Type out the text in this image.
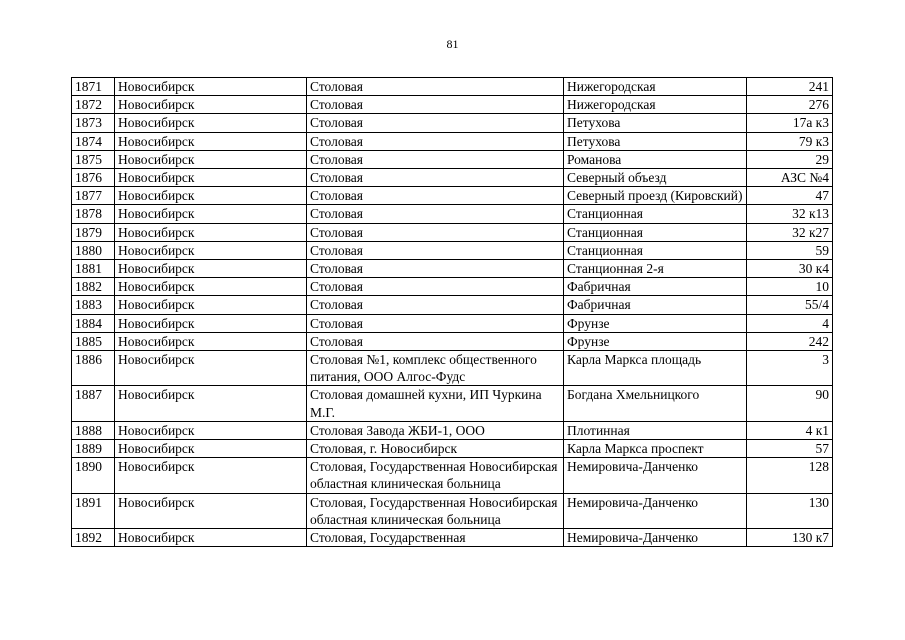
81
1871	Новосибирск	Столовая	Нижегородская	241
1872	Новосибирск	Столовая	Нижегородская	276
1873	Новосибирск	Столовая	Петухова	17а к3
1874	Новосибирск	Столовая	Петухова	79 к3
1875	Новосибирск	Столовая	Романова	29
1876	Новосибирск	Столовая	Северный объезд	АЗС №4
1877	Новосибирск	Столовая	Северный проезд (Кировский)	47
1878	Новосибирск	Столовая	Станционная	32 к13
1879	Новосибирск	Столовая	Станционная	32 к27
1880	Новосибирск	Столовая	Станционная	59
1881	Новосибирск	Столовая	Станционная 2-я	30 к4
1882	Новосибирск	Столовая	Фабричная	10
1883	Новосибирск	Столовая	Фабричная	55/4
1884	Новосибирск	Столовая	Фрунзе	4
1885	Новосибирск	Столовая	Фрунзе	242
1886	Новосибирск	Столовая №1, комплекс общественного питания, ООО Алгос-Фудс	Карла Маркса площадь	3
1887	Новосибирск	Столовая домашней кухни, ИП Чуркина М.Г.	Богдана Хмельницкого	90
1888	Новосибирск	Столовая Завода ЖБИ-1, ООО	Плотинная	4 к1
1889	Новосибирск	Столовая, г. Новосибирск	Карла Маркса проспект	57
1890	Новосибирск	Столовая, Государственная Новосибирская областная клиническая больница	Немировича-Данченко	128
1891	Новосибирск	Столовая, Государственная Новосибирская областная клиническая больница	Немировича-Данченко	130
1892	Новосибирск	Столовая, Государственная	Немировича-Данченко	130 к7
